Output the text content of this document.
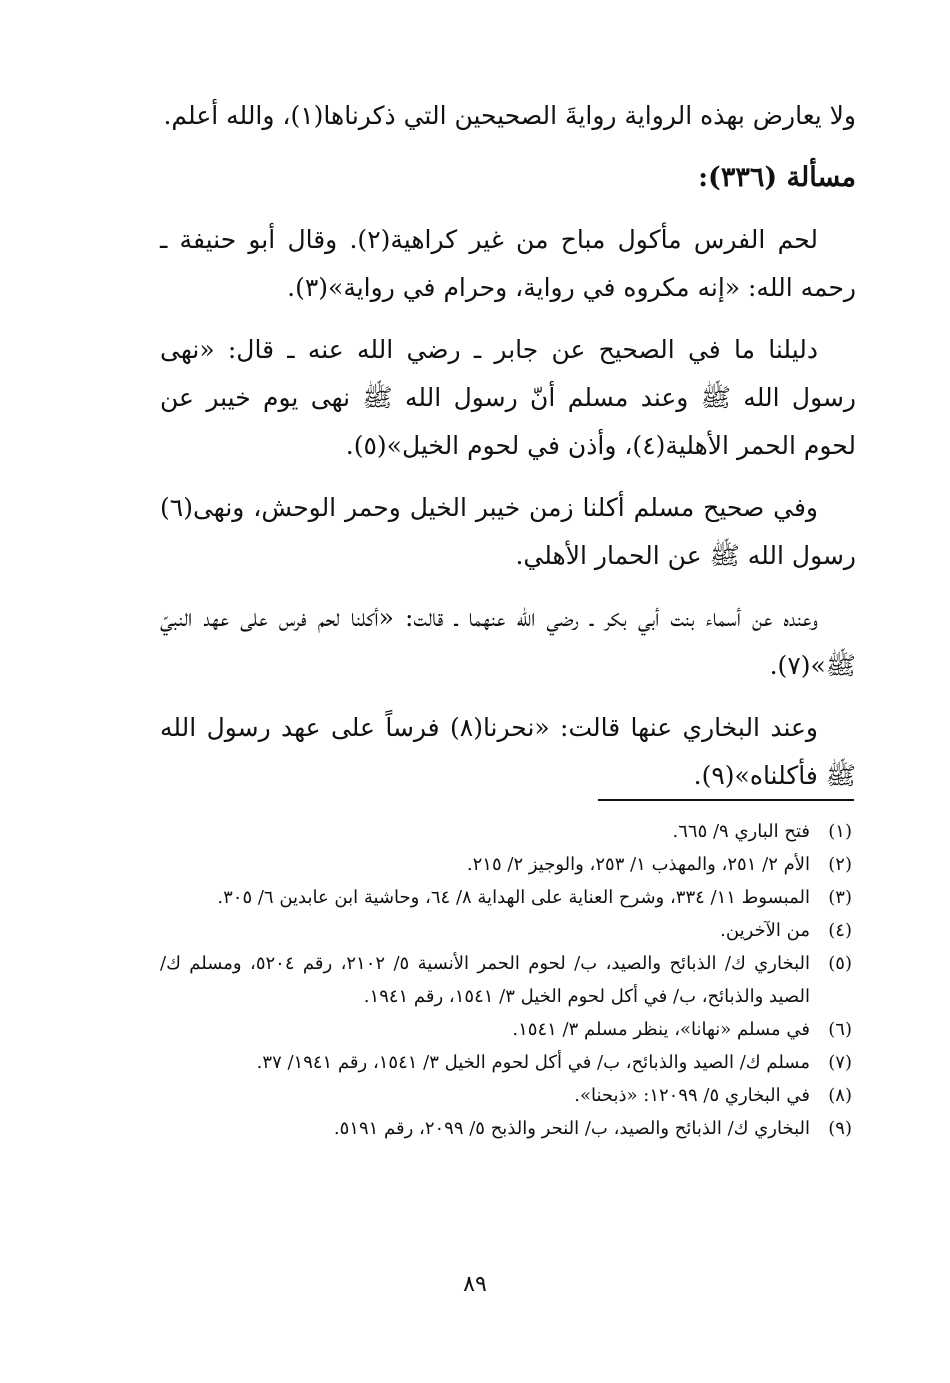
ولا يعارض بهذه الرواية روايةَ الصحيحين التي ذكرناها(١)، والله أعلم.

مسألة (٣٣٦):

لحم الفرس مأكول مباح من غير كراهية(٢). وقال أبو حنيفة ـ رحمه الله: «إنه مكروه في رواية، وحرام في رواية»(٣).

دليلنا ما في الصحيح عن جابر ـ رضي الله عنه ـ قال: «نهى رسول الله ﷺ وعند مسلم أنّ رسول الله ﷺ نهى يوم خيبر عن لحوم الحمر الأهلية(٤)، وأذن في لحوم الخيل»(٥).

وفي صحيح مسلم أكلنا زمن خيبر الخيل وحمر الوحش، ونهى(٦) رسول الله ﷺ عن الحمار الأهلي.

وعنده عن أسماء بنت أبي بكر ـ رضي الله عنهما ـ قالت: «أكلنا لحم فرس على عهد النبيّ ﷺ»(٧).

وعند البخاري عنها قالت: «نحرنا(٨) فرساً على عهد رسول الله ﷺ فأكلناه»(٩).

(١)
فتح الباري ٩/ ٦٦٥.
(٢)
الأم ٢/ ٢٥١، والمهذب ١/ ٢٥٣، والوجيز ٢/ ٢١٥.
(٣)
المبسوط ١١/ ٣٣٤، وشرح العناية على الهداية ٨/ ٦٤، وحاشية ابن عابدين ٦/ ٣٠٥.
(٤)
من الآخرين.
(٥)
البخاري ك/ الذبائح والصيد، ب/ لحوم الحمر الأنسية ٥/ ٢١٠٢، رقم ٥٢٠٤، ومسلم ك/ الصيد والذبائح، ب/ في أكل لحوم الخيل ٣/ ١٥٤١، رقم ١٩٤١.
(٦)
في مسلم «نهانا»، ينظر مسلم ٣/ ١٥٤١.
(٧)
مسلم ك/ الصيد والذبائح، ب/ في أكل لحوم الخيل ٣/ ١٥٤١، رقم ١٩٤١/ ٣٧.
(٨)
في البخاري ٥/ ١٢٠٩٩: «ذبحنا».
(٩)
البخاري ك/ الذبائح والصيد، ب/ النحر والذبح ٥/ ٢٠٩٩، رقم ٥١٩١.
٨٩
